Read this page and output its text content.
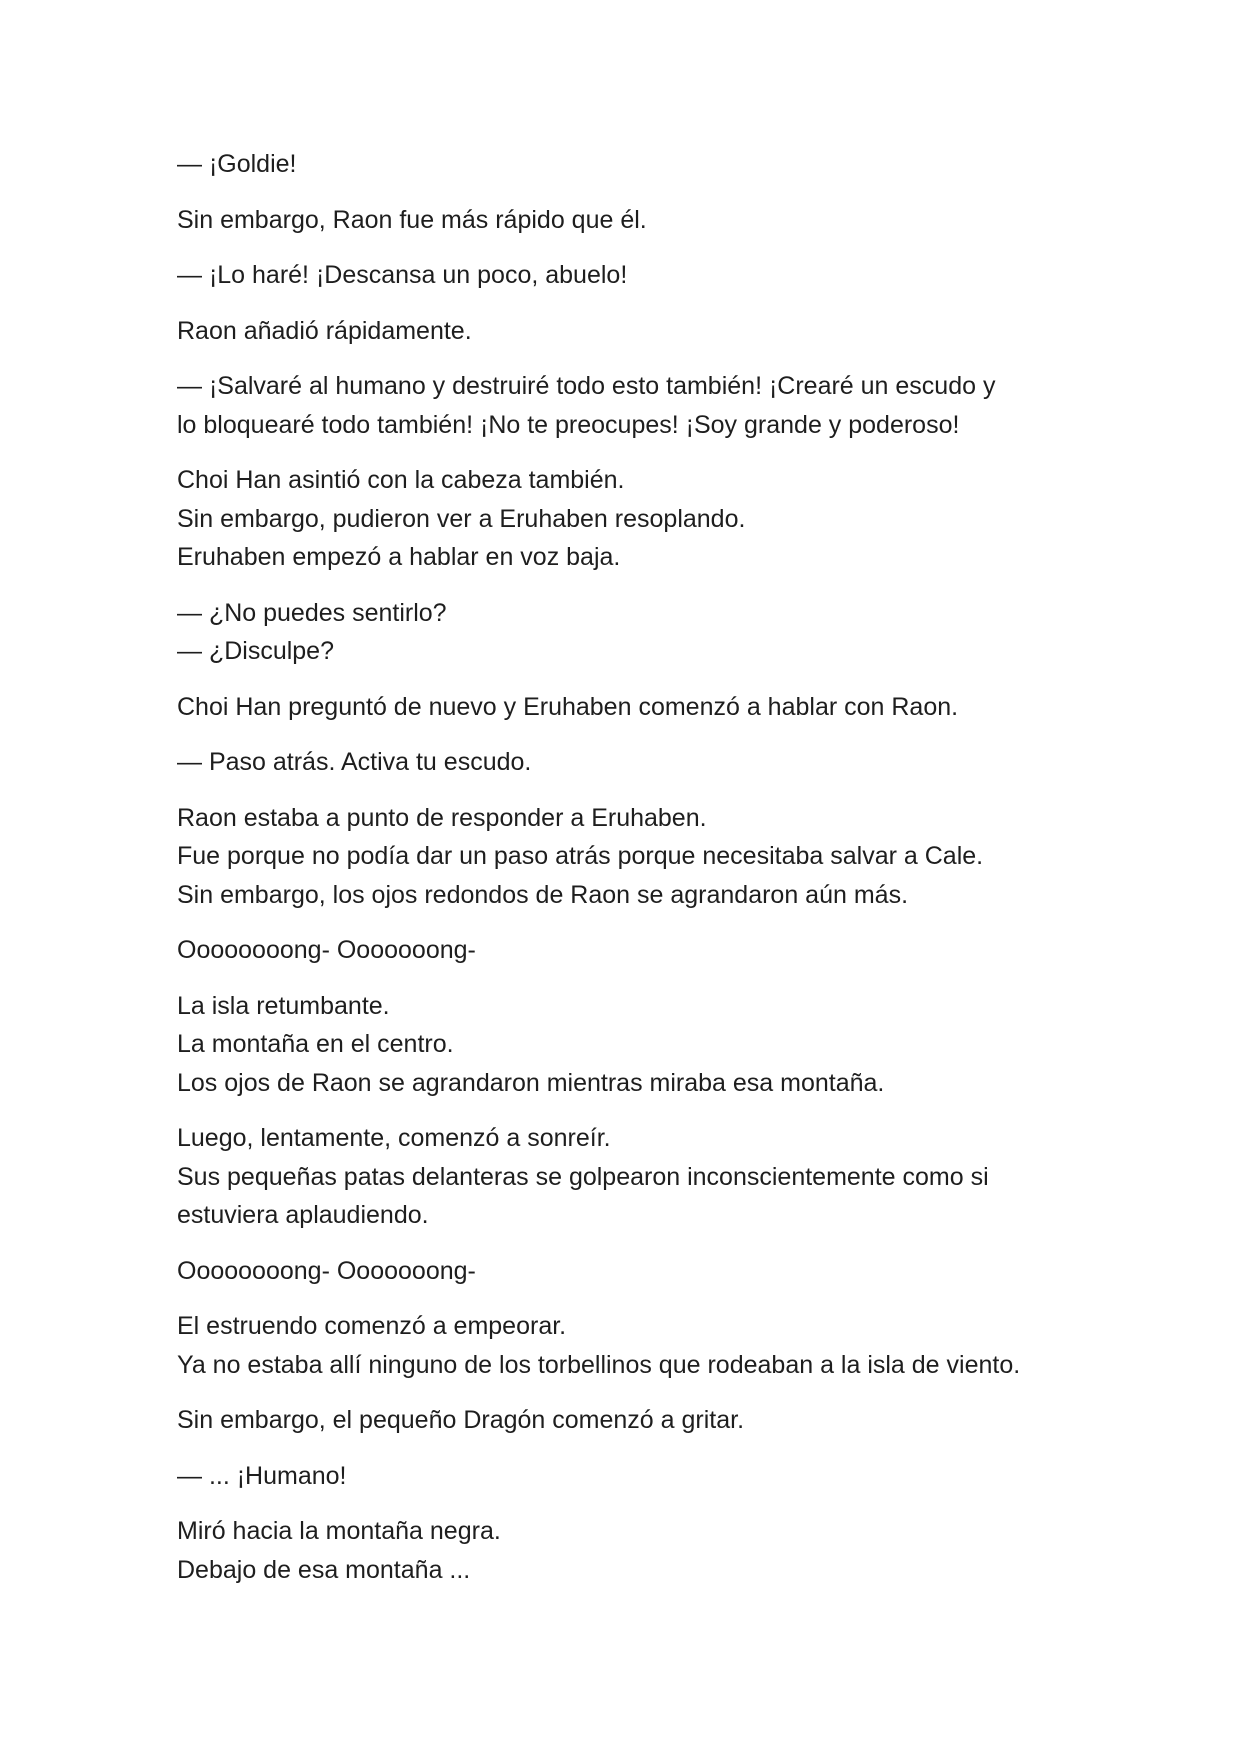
— ¡Goldie!
Sin embargo, Raon fue más rápido que él.
— ¡Lo haré! ¡Descansa un poco, abuelo!
Raon añadió rápidamente.
— ¡Salvaré al humano y destruiré todo esto también! ¡Crearé un escudo y
lo bloquearé todo también! ¡No te preocupes! ¡Soy grande y poderoso!
Choi Han asintió con la cabeza también.
Sin embargo, pudieron ver a Eruhaben resoplando.
Eruhaben empezó a hablar en voz baja.
— ¿No puedes sentirlo?
— ¿Disculpe?
Choi Han preguntó de nuevo y Eruhaben comenzó a hablar con Raon.
— Paso atrás. Activa tu escudo.
Raon estaba a punto de responder a Eruhaben.
Fue porque no podía dar un paso atrás porque necesitaba salvar a Cale.
Sin embargo, los ojos redondos de Raon se agrandaron aún más.
Oooooooong- Ooooooong-
La isla retumbante.
La montaña en el centro.
Los ojos de Raon se agrandaron mientras miraba esa montaña.
Luego, lentamente, comenzó a sonreír.
Sus pequeñas patas delanteras se golpearon inconscientemente como si
estuviera aplaudiendo.
Oooooooong- Ooooooong-
El estruendo comenzó a empeorar.
Ya no estaba allí ninguno de los torbellinos que rodeaban a la isla de viento.
Sin embargo, el pequeño Dragón comenzó a gritar.
— ... ¡Humano!
Miró hacia la montaña negra.
Debajo de esa montaña ...
